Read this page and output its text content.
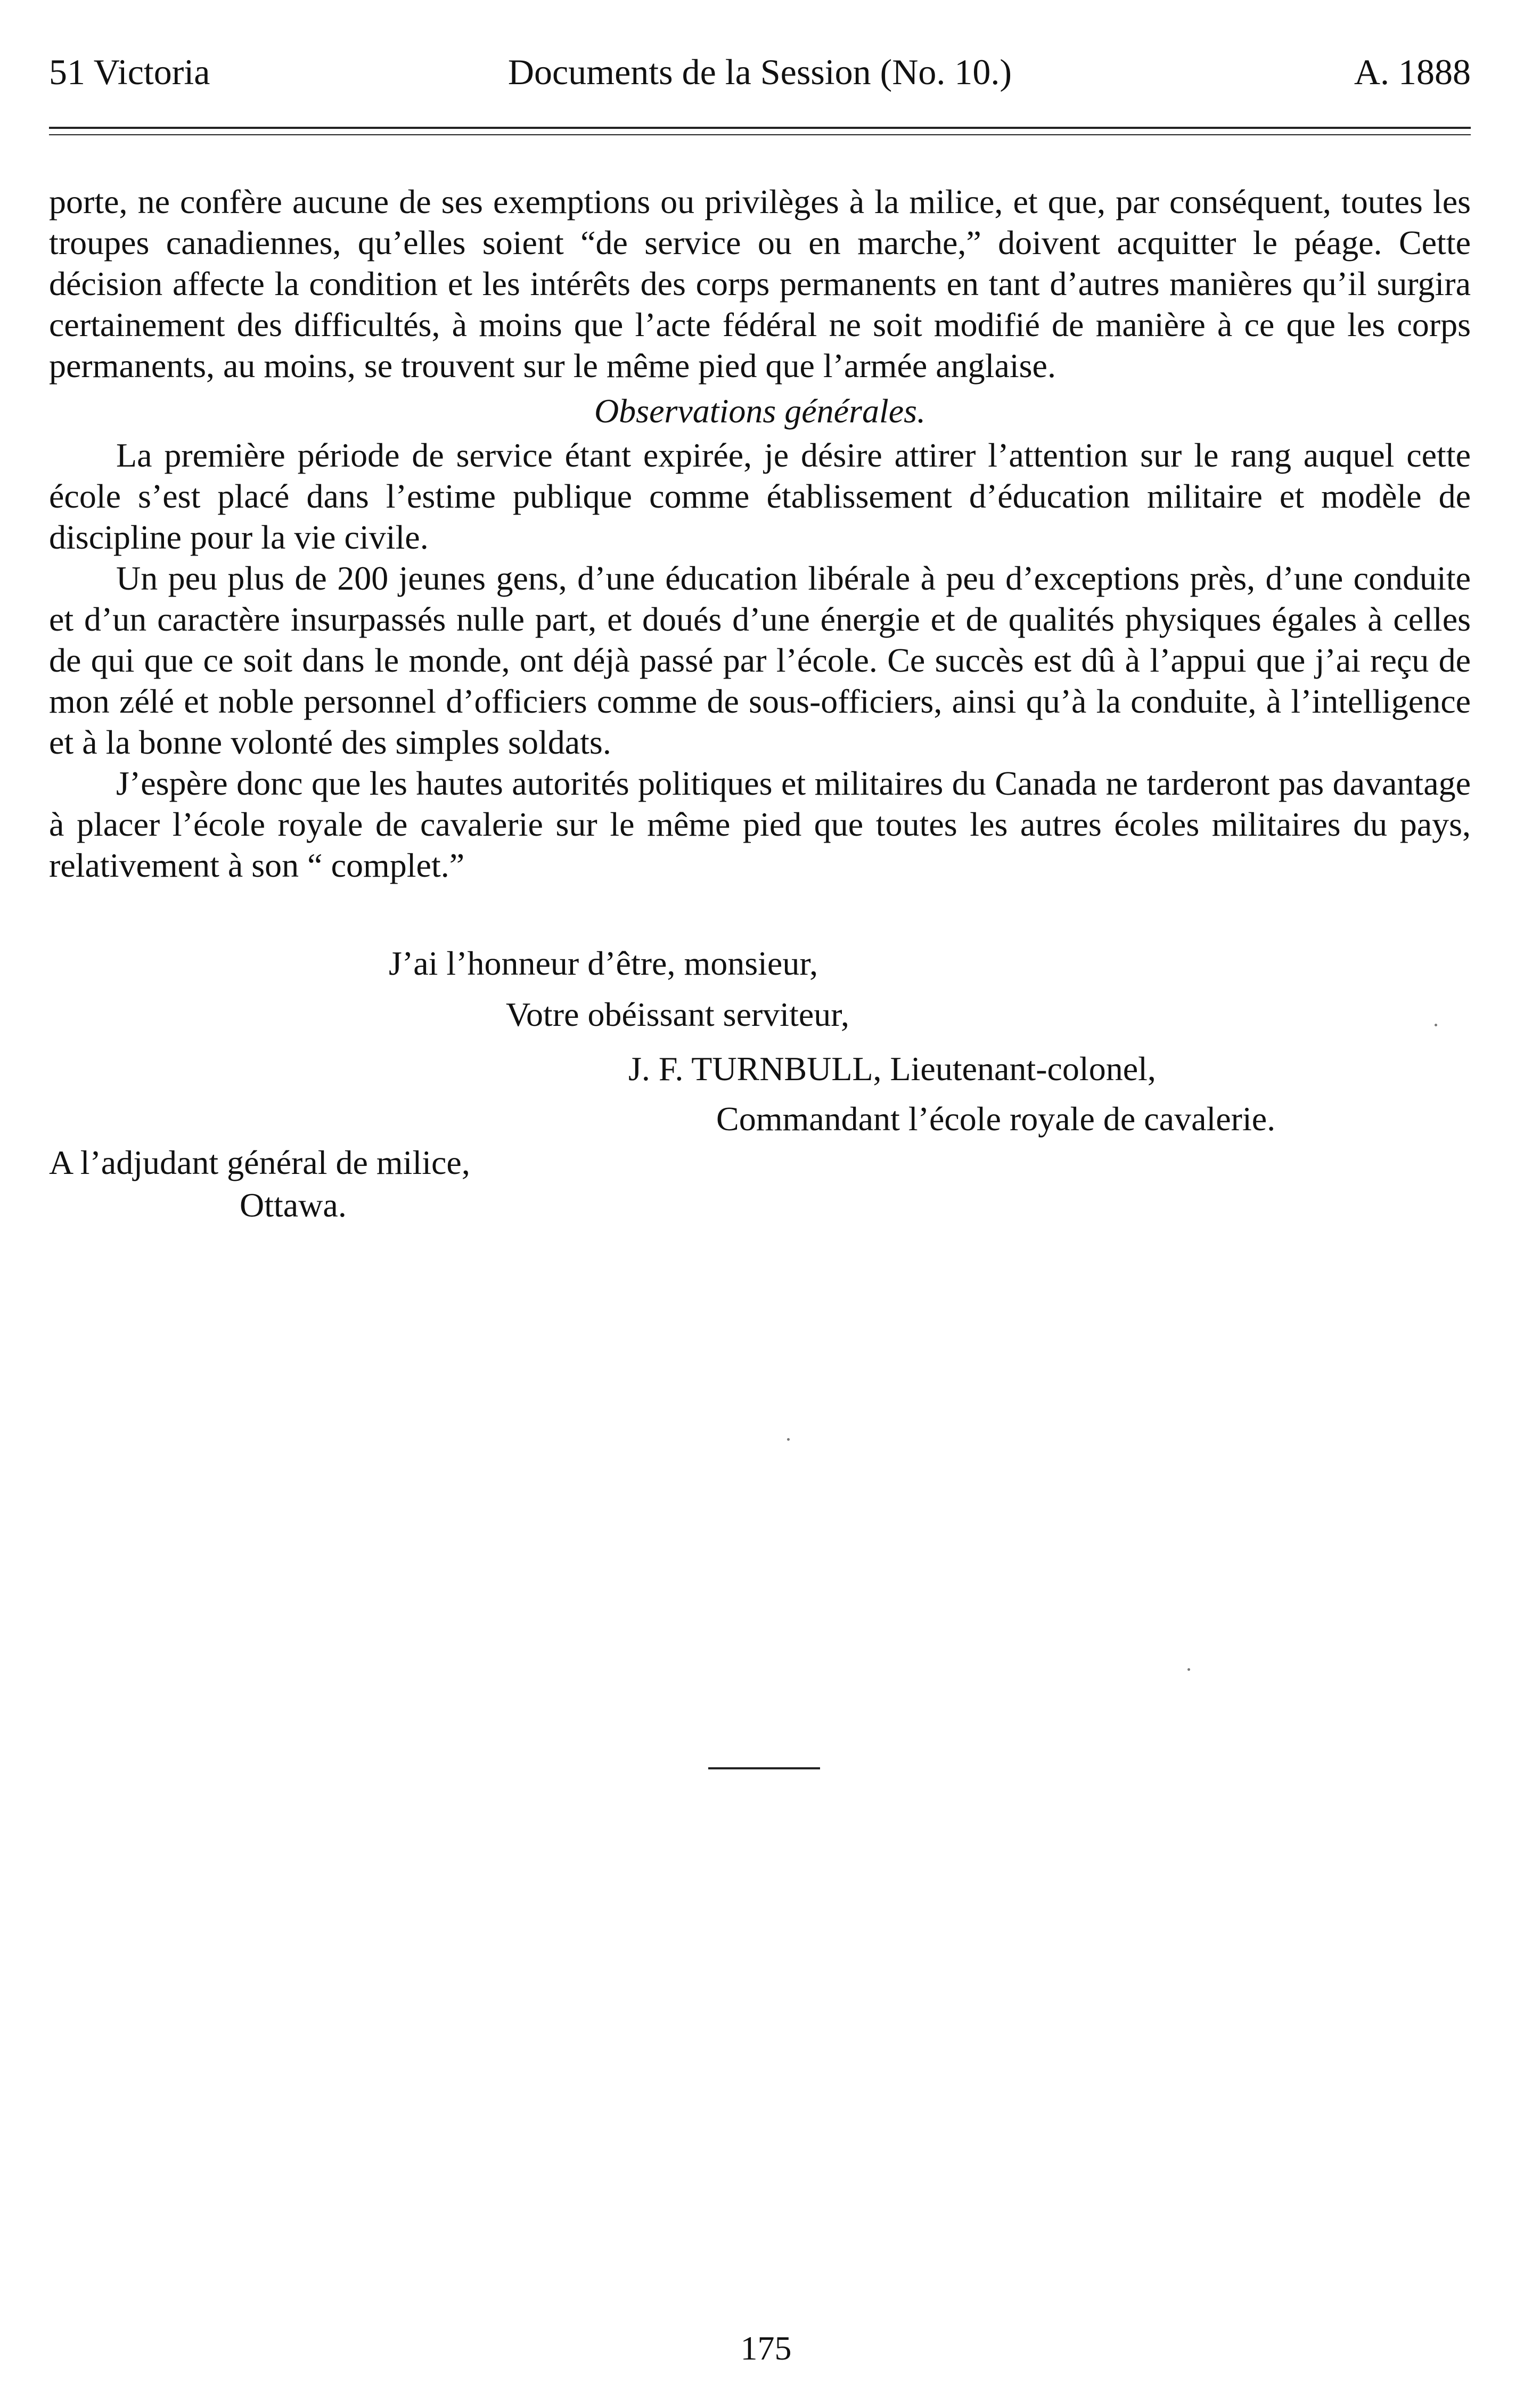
51 Victoria	Documents de la Session (No. 10.)	A. 1888

porte, ne confère aucune de ses exemptions ou privilèges à la milice, et que, par conséquent, toutes les troupes canadiennes, qu’elles soient “de service ou en marche,” doivent acquitter le péage. Cette décision affecte la condition et les intérêts des corps permanents en tant d’autres manières qu’il surgira certainement des difficultés, à moins que l’acte fédéral ne soit modifié de manière à ce que les corps permanents, au moins, se trouvent sur le même pied que l’armée anglaise.

Observations générales.

La première période de service étant expirée, je désire attirer l’attention sur le rang auquel cette école s’est placé dans l’estime publique comme établissement d’éducation militaire et modèle de discipline pour la vie civile.

Un peu plus de 200 jeunes gens, d’une éducation libérale à peu d’exceptions près, d’une conduite et d’un caractère insurpassés nulle part, et doués d’une énergie et de qualités physiques égales à celles de qui que ce soit dans le monde, ont déjà passé par l’école. Ce succès est dû à l’appui que j’ai reçu de mon zélé et noble personnel d’officiers comme de sous-officiers, ainsi qu’à la conduite, à l’intelligence et à la bonne volonté des simples soldats.

J’espère donc que les hautes autorités politiques et militaires du Canada ne tarderont pas davantage à placer l’école royale de cavalerie sur le même pied que toutes les autres écoles militaires du pays, relativement à son “ complet.”

J’ai l’honneur d’être, monsieur,
Votre obéissant serviteur,
J. F. TURNBULL, Lieutenant-colonel,
Commandant l’école royale de cavalerie.
A l’adjudant général de milice,
Ottawa.
175
